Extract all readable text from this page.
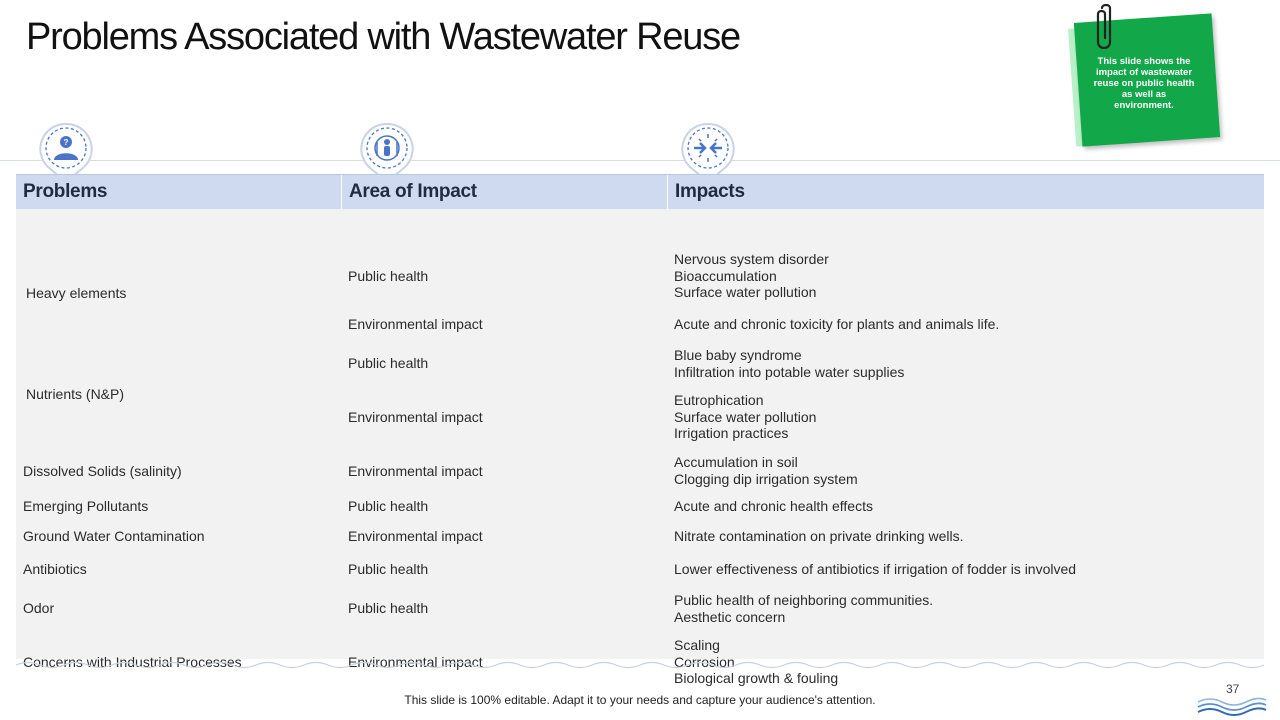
Problems Associated with Wastewater Reuse
This slide shows the impact of wastewater reuse on public health as well as environment.
?
Problems	Area of Impact	Impacts
Heavy elements
Nutrients (N&P)
Dissolved Solids (salinity)
Emerging Pollutants
Ground Water Contamination
Antibiotics
Odor
Concerns with Industrial Processes
Public health
Environmental impact
Public health
Environmental impact
Environmental impact
Public health
Environmental impact
Public health
Public health
Environmental impact
Nervous system disorder
Bioaccumulation
Surface water pollution
Acute and chronic toxicity for plants and animals life.
Blue baby syndrome
Infiltration into potable water supplies
Eutrophication
Surface water pollution
Irrigation practices
Accumulation in soil
Clogging dip irrigation system
Acute and chronic health effects
Nitrate contamination on private drinking wells.
Lower effectiveness of antibiotics if irrigation of fodder is involved
Public health of neighboring communities.
Aesthetic concern
Scaling
Corrosion
Biological growth & fouling
This slide is 100% editable. Adapt it to your needs and capture your audience's attention.
37
